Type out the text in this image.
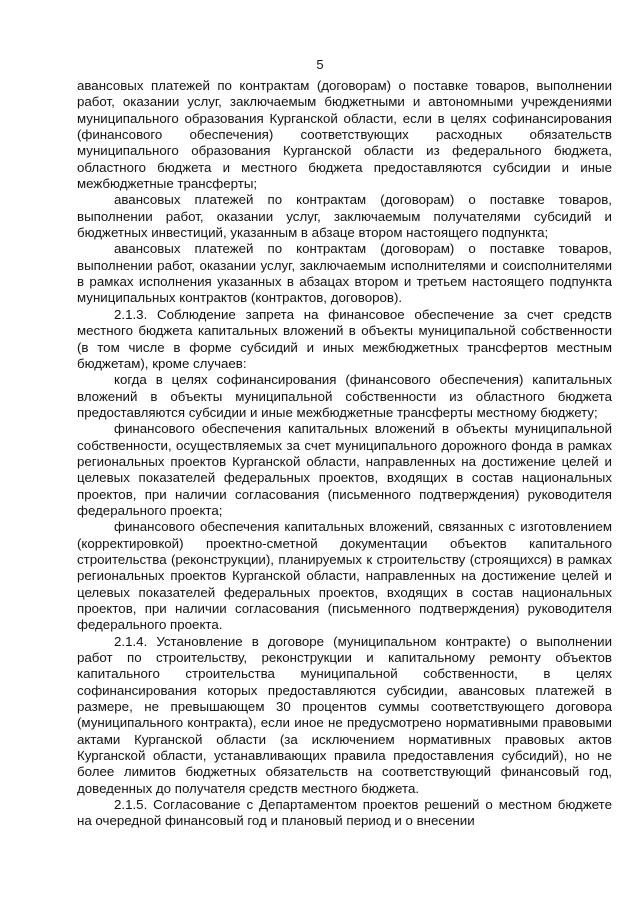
5

авансовых платежей по контрактам (договорам) о поставке товаров, выполнении работ, оказании услуг, заключаемым бюджетными и автономными учреждениями муниципального образования Курганской области, если в целях софинансирования (финансового обеспечения) соответствующих расходных обязательств муниципального образования Курганской области из федерального бюджета, областного бюджета и местного бюджета предоставляются субсидии и иные межбюджетные трансферты;

авансовых платежей по контрактам (договорам) о поставке товаров, выполнении работ, оказании услуг, заключаемым получателями субсидий и бюджетных инвестиций, указанным в абзаце втором настоящего подпункта;

авансовых платежей по контрактам (договорам) о поставке товаров, выполнении работ, оказании услуг, заключаемым исполнителями и соисполнителями в рамках исполнения указанных в абзацах втором и третьем настоящего подпункта муниципальных контрактов (контрактов, договоров).

2.1.3. Соблюдение запрета на финансовое обеспечение за счет средств местного бюджета капитальных вложений в объекты муниципальной собственности (в том числе в форме субсидий и иных межбюджетных трансфертов местным бюджетам), кроме случаев:

когда в целях софинансирования (финансового обеспечения) капитальных вложений в объекты муниципальной собственности из областного бюджета предоставляются субсидии и иные межбюджетные трансферты местному бюджету;

финансового обеспечения капитальных вложений в объекты муниципальной собственности, осуществляемых за счет муниципального дорожного фонда в рамках региональных проектов Курганской области, направленных на достижение целей и целевых показателей федеральных проектов, входящих в состав национальных проектов, при наличии согласования (письменного подтверждения) руководителя федерального проекта;

финансового обеспечения капитальных вложений, связанных с изготовлением (корректировкой) проектно-сметной документации объектов капитального строительства (реконструкции), планируемых к строительству (строящихся) в рамках региональных проектов Курганской области, направленных на достижение целей и целевых показателей федеральных проектов, входящих в состав национальных проектов, при наличии согласования (письменного подтверждения) руководителя федерального проекта.

2.1.4. Установление в договоре (муниципальном контракте) о выполнении работ по строительству, реконструкции и капитальному ремонту объектов капитального строительства муниципальной собственности, в целях софинансирования которых предоставляются субсидии, авансовых платежей в размере, не превышающем 30 процентов суммы соответствующего договора (муниципального контракта), если иное не предусмотрено нормативными правовыми актами Курганской области (за исключением нормативных правовых актов Курганской области, устанавливающих правила предоставления субсидий), но не более лимитов бюджетных обязательств на соответствующий финансовый год, доведенных до получателя средств местного бюджета.

2.1.5. Согласование с Департаментом проектов решений о местном бюджете на очередной финансовый год и плановый период и о внесении
